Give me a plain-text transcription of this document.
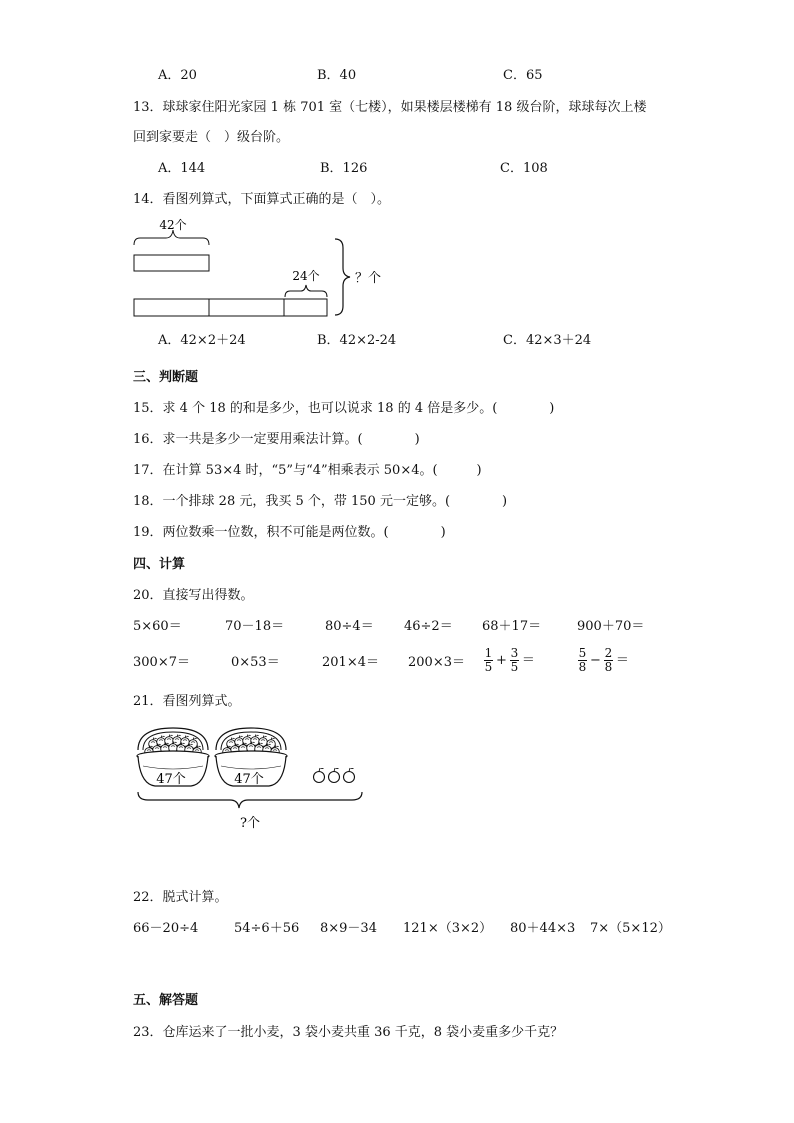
A．20	B．40	C．65
13．球球家住阳光家园 1 栋 701 室（七楼），如果楼层楼梯有 18 级台阶，球球每次上楼
回到家要走（　）级台阶。
A．144	B．126	C．108
14．看图列算式，下面算式正确的是（　）。
42个
24个	？个
A．42×2＋24	B．42×2-24	C．42×3＋24
三、判断题
15．求 4 个 18 的和是多少，也可以说求 18 的 4 倍是多少。(　　　　)
16．求一共是多少一定要用乘法计算。(　　　　)
17．在计算 53×4 时，“5”与“4”相乘表示 50×4。(　　　)
18．一个排球 28 元，我买 5 个，带 150 元一定够。(　　　　)
19．两位数乘一位数，积不可能是两位数。(　　　　)
四、计算
20．直接写出得数。
5×60＝	70－18＝	80÷4＝ 46÷2＝ 68＋17＝	900＋70＝
300×7＝	0×53＝	$201\times 4= 200\times 3= \frac{1}{5} + \frac{3}{5}$ ＝	$\frac{5}{8} - \frac{2}{8}$ ＝
21．看图列算式。
47个	47个
?个
22．脱式计算。
66－20÷4	54÷6＋56 8×9－34 121×（3×2） 80＋44×3 7×（5×12）
五、解答题
23．仓库运来了一批小麦，3 袋小麦共重 36 千克，8 袋小麦重多少千克？
